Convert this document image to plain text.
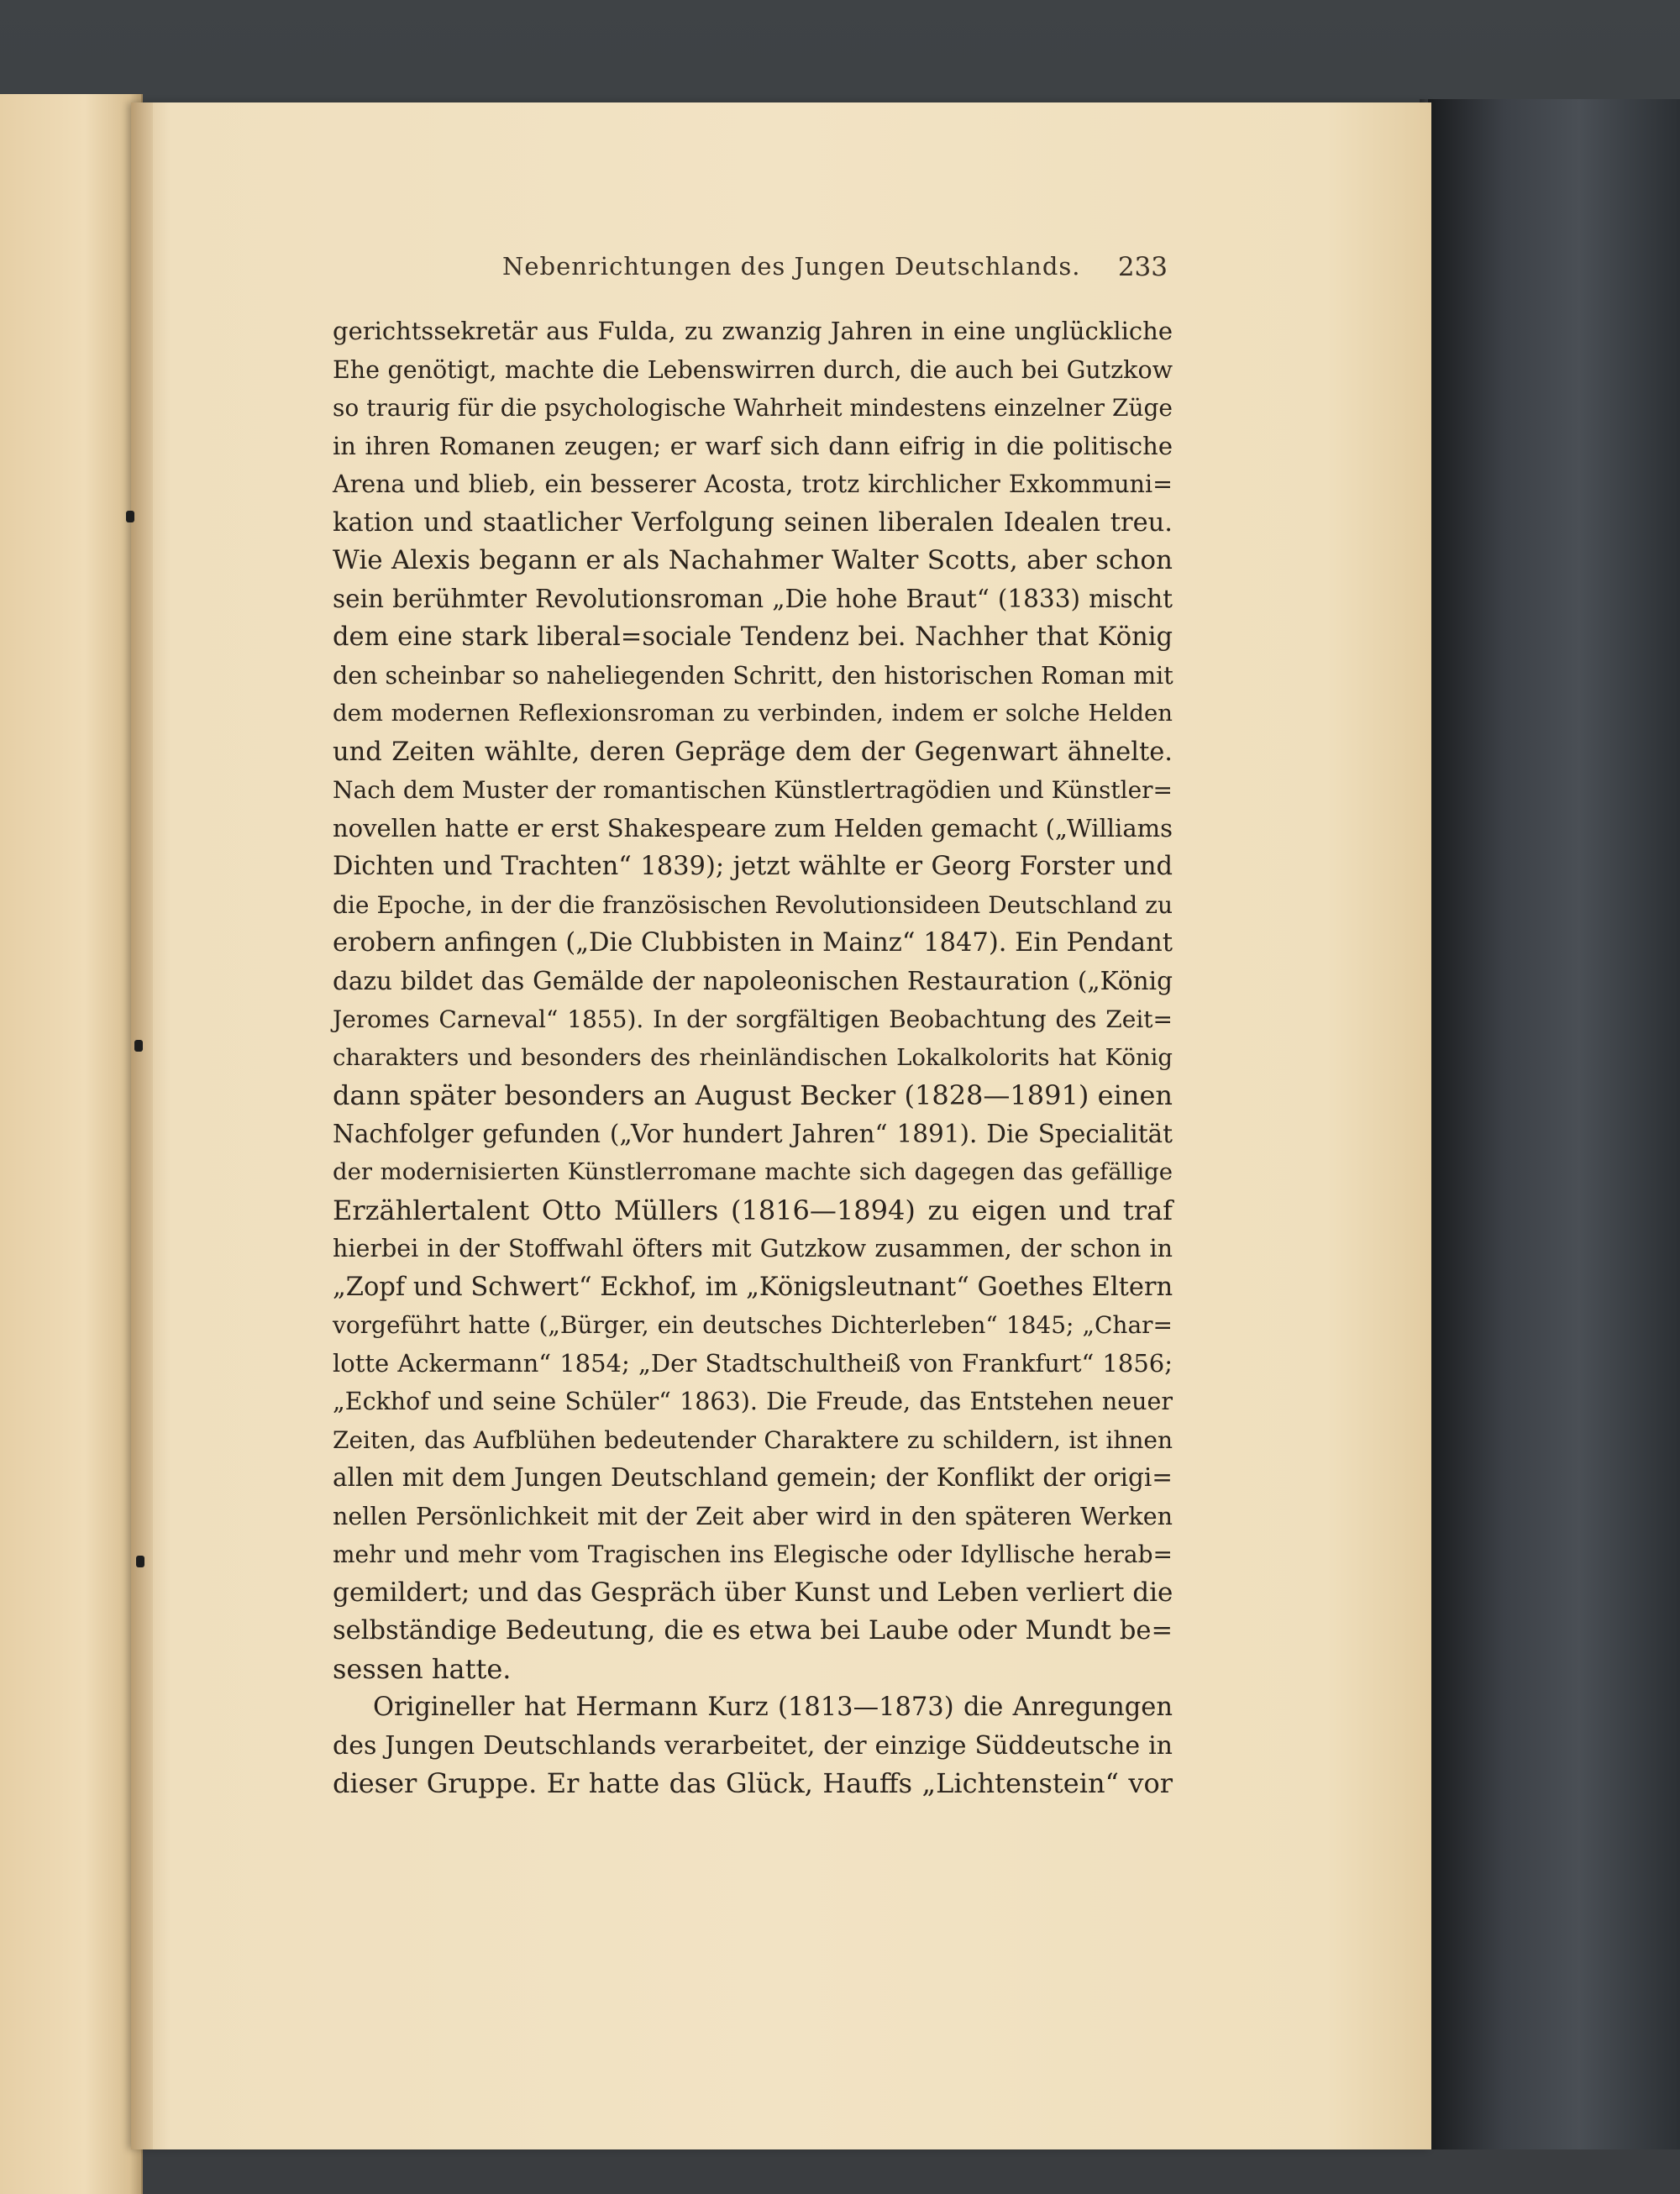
Nebenrichtungen des Jungen Deutschlands.	233
gerichtssekretär aus Fulda, zu zwanzig Jahren in eine unglückliche
Ehe genötigt, machte die Lebenswirren durch, die auch bei Gutzkow
so traurig für die psychologische Wahrheit mindestens einzelner Züge
in ihren Romanen zeugen; er warf sich dann eifrig in die politische
Arena und blieb, ein besserer Acosta, trotz kirchlicher Exkommuni=
kation und staatlicher Verfolgung seinen liberalen Idealen treu.
Wie Alexis begann er als Nachahmer Walter Scotts, aber schon
sein berühmter Revolutionsroman „Die hohe Braut“ (1833) mischt
dem eine stark liberal=sociale Tendenz bei. Nachher that König
den scheinbar so naheliegenden Schritt, den historischen Roman mit
dem modernen Reflexionsroman zu verbinden, indem er solche Helden
und Zeiten wählte, deren Gepräge dem der Gegenwart ähnelte.
Nach dem Muster der romantischen Künstlertragödien und Künstler=
novellen hatte er erst Shakespeare zum Helden gemacht („Williams
Dichten und Trachten“ 1839); jetzt wählte er Georg Forster und
die Epoche, in der die französischen Revolutionsideen Deutschland zu
erobern anfingen („Die Clubbisten in Mainz“ 1847). Ein Pendant
dazu bildet das Gemälde der napoleonischen Restauration („König
Jeromes Carneval“ 1855). In der sorgfältigen Beobachtung des Zeit=
charakters und besonders des rheinländischen Lokalkolorits hat König
dann später besonders an August Becker (1828—1891) einen
Nachfolger gefunden („Vor hundert Jahren“ 1891). Die Specialität
der modernisierten Künstlerromane machte sich dagegen das gefällige
Erzählertalent Otto Müllers (1816—1894) zu eigen und traf
hierbei in der Stoffwahl öfters mit Gutzkow zusammen, der schon in
„Zopf und Schwert“ Eckhof, im „Königsleutnant“ Goethes Eltern
vorgeführt hatte („Bürger, ein deutsches Dichterleben“ 1845; „Char=
lotte Ackermann“ 1854; „Der Stadtschultheiß von Frankfurt“ 1856;
„Eckhof und seine Schüler“ 1863). Die Freude, das Entstehen neuer
Zeiten, das Aufblühen bedeutender Charaktere zu schildern, ist ihnen
allen mit dem Jungen Deutschland gemein; der Konflikt der origi=
nellen Persönlichkeit mit der Zeit aber wird in den späteren Werken
mehr und mehr vom Tragischen ins Elegische oder Idyllische herab=
gemildert; und das Gespräch über Kunst und Leben verliert die
selbständige Bedeutung, die es etwa bei Laube oder Mundt be=
sessen hatte.
Origineller hat Hermann Kurz (1813—1873) die Anregungen
des Jungen Deutschlands verarbeitet, der einzige Süddeutsche in
dieser Gruppe. Er hatte das Glück, Hauffs „Lichtenstein“ vor
